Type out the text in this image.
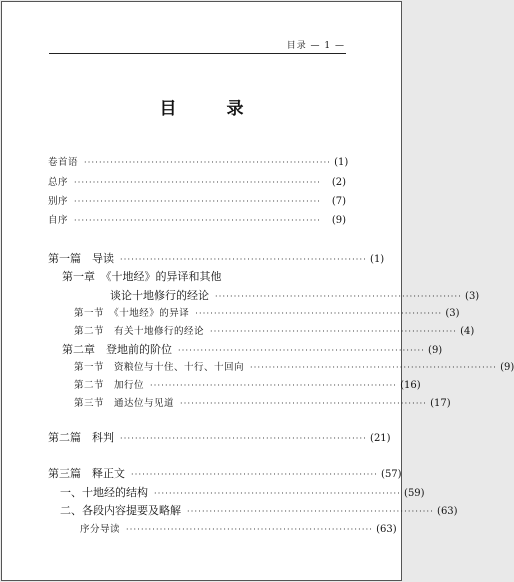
目录 — 1 —
目 录
卷首语 ·································································· (1)
总序 ··································································	(2)
别序 ··································································	(7)
自序 ··································································	(9)
第一篇　导读 ·································································· (1)
第一章　《十地经》的异译和其他
谈论十地修行的经论 ·································································· (3)
第一节　《十地经》的异译 ·································································· (3)
第二节　有关十地修行的经论 ·································································· (4)
第二章　登地前的阶位 ·································································· (9)
第一节　资粮位与十住、十行、十回向 ·································································· (9)
第二节　加行位 ·································································· (16)
第三节　通达位与见道 ·································································· (17)
第二篇　科判 ·································································· (21)
第三篇　释正文 ·································································· (57)
一、十地经的结构 ·································································· (59)
二、各段内容提要及略解 ·································································· (63)
序分导读 ·································································· (63)
